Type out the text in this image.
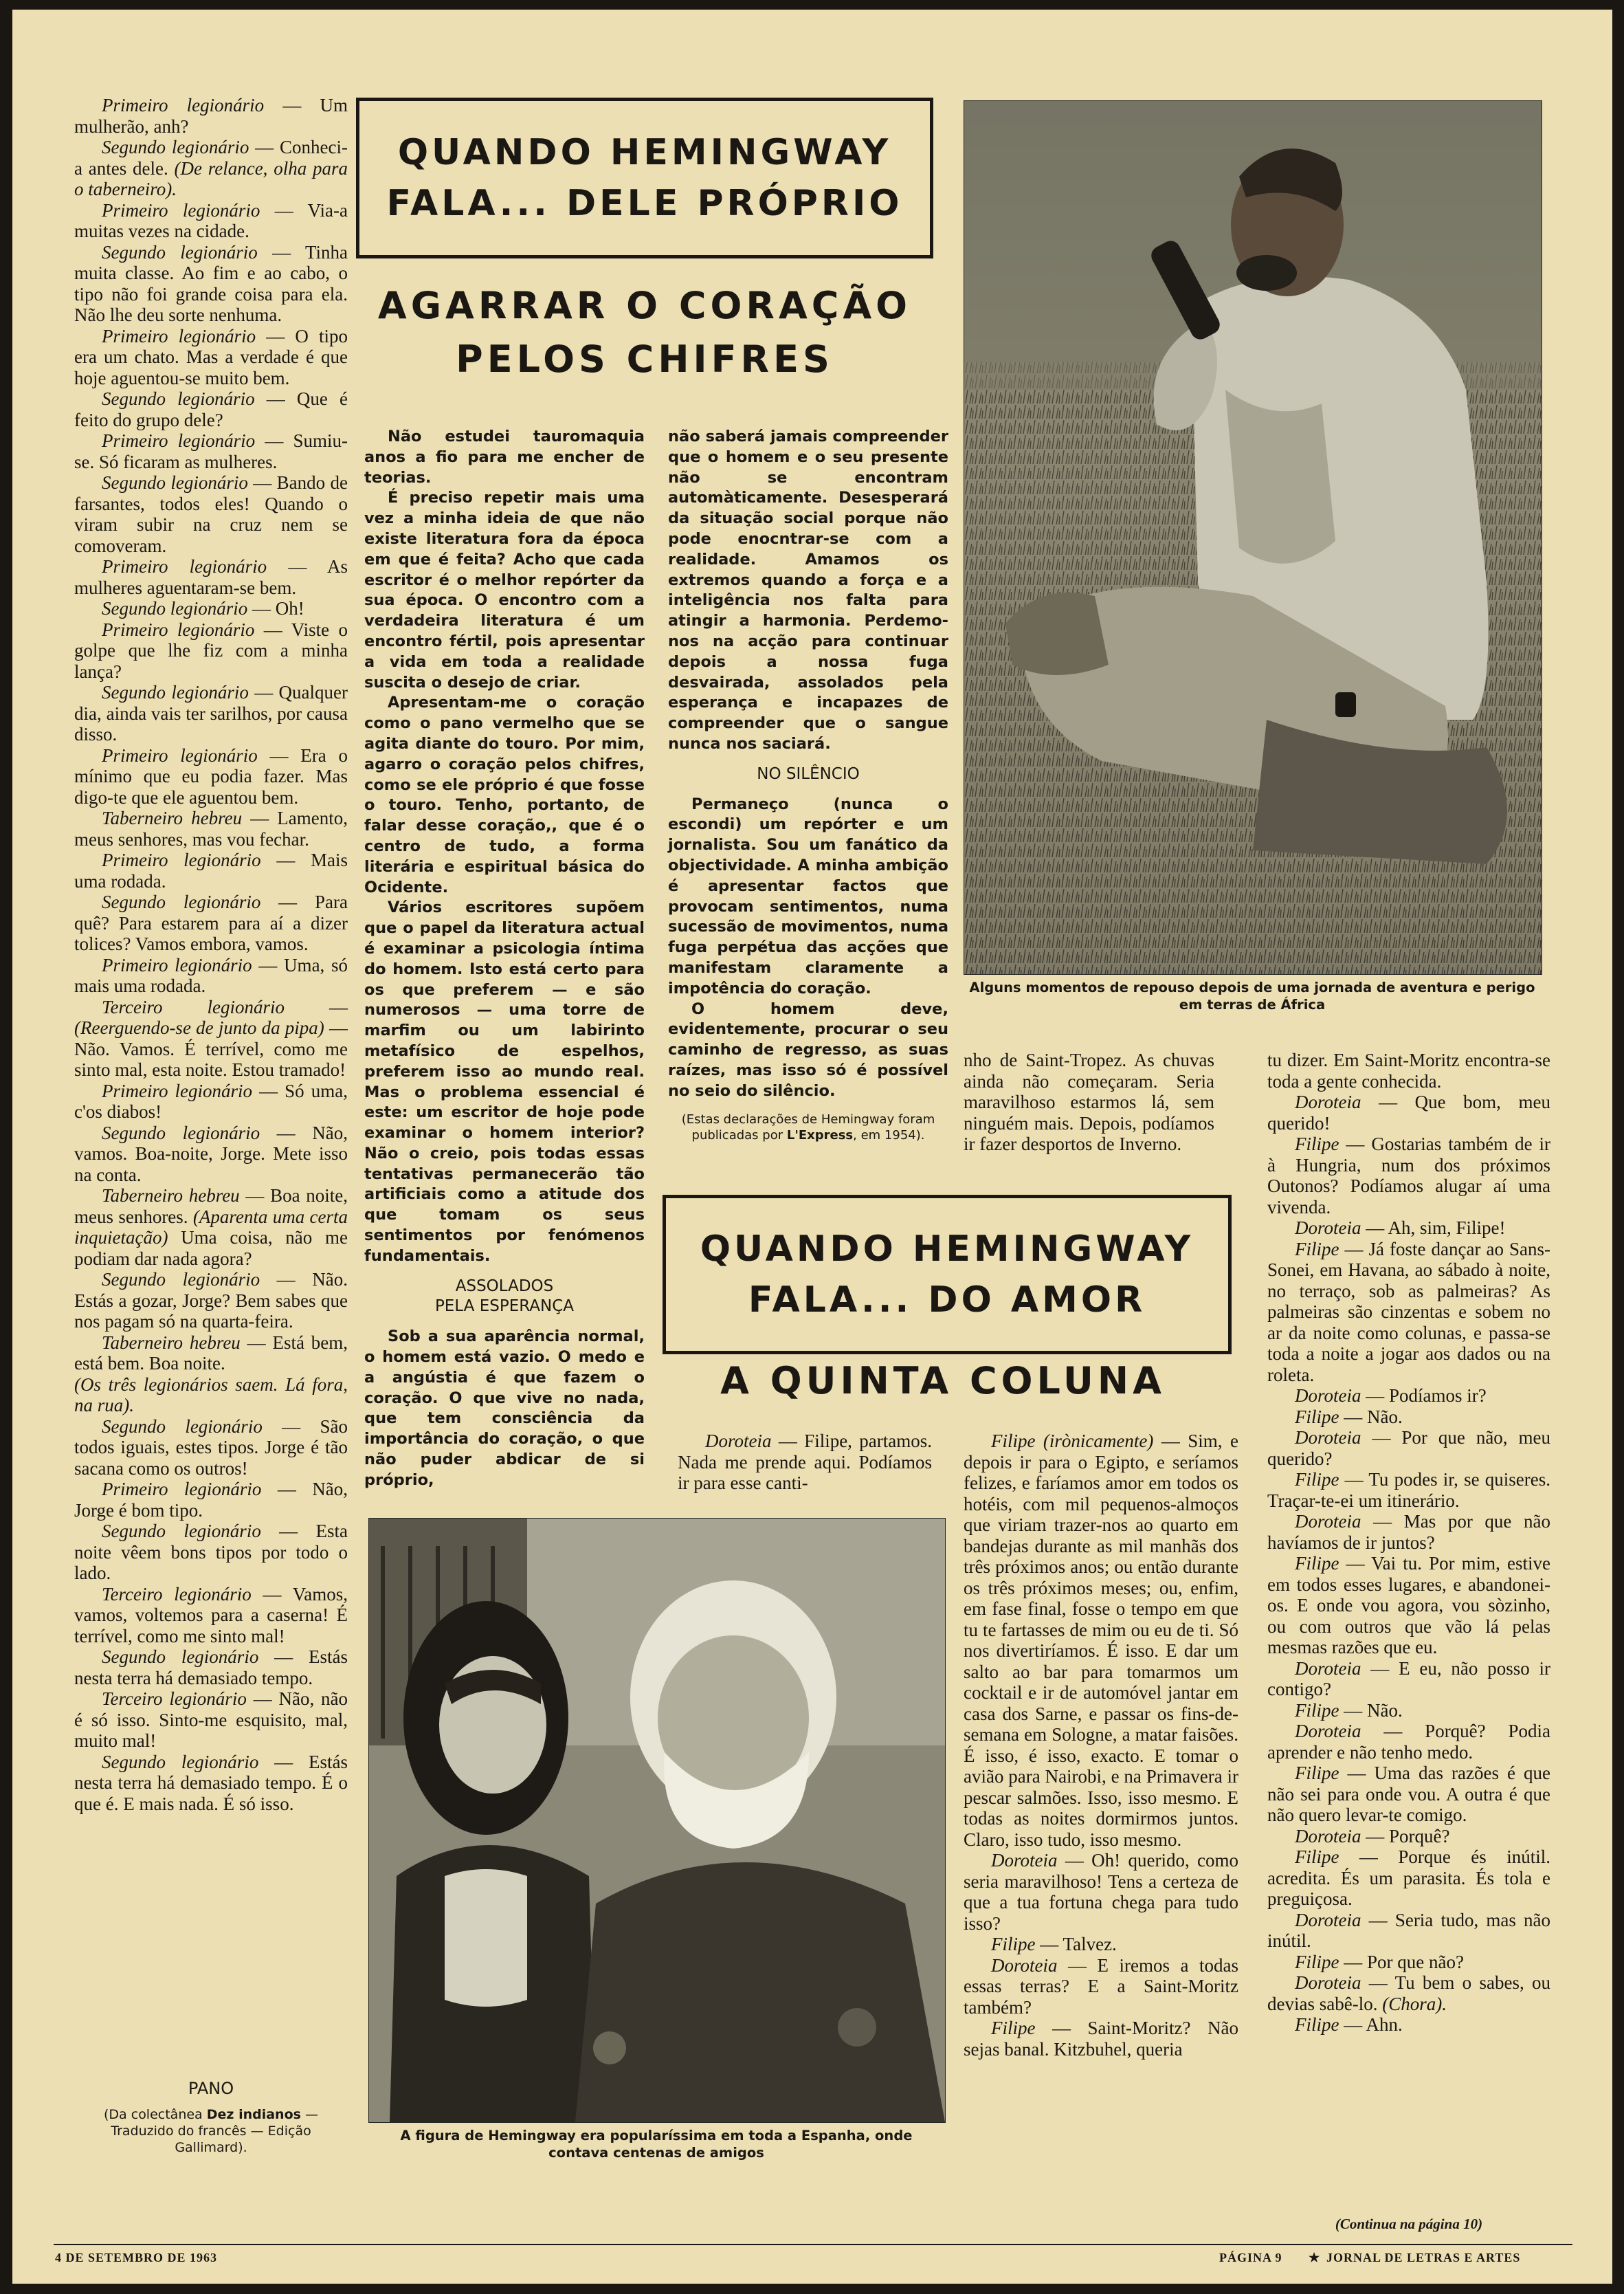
Primeiro legionário — Um mulherão, anh?

Segundo legionário — Conheci-a antes dele. (De relance, olha para o taberneiro).

Primeiro legionário — Via-a muitas vezes na cidade.

Segundo legionário — Tinha muita classe. Ao fim e ao cabo, o tipo não foi grande coisa para ela. Não lhe deu sorte nenhuma.

Primeiro legionário — O tipo era um chato. Mas a verdade é que hoje aguentou-se muito bem.

Segundo legionário — Que é feito do grupo dele?

Primeiro legionário — Sumiu-se. Só ficaram as mulheres.

Segundo legionário — Bando de farsantes, todos eles! Quando o viram subir na cruz nem se comoveram.

Primeiro legionário — As mulheres aguentaram-se bem.

Segundo legionário — Oh!

Primeiro legionário — Viste o golpe que lhe fiz com a minha lança?

Segundo legionário — Qualquer dia, ainda vais ter sarilhos, por causa disso.

Primeiro legionário — Era o mínimo que eu podia fazer. Mas digo-te que ele aguentou bem.

Taberneiro hebreu — Lamento, meus senhores, mas vou fechar.

Primeiro legionário — Mais uma rodada.

Segundo legionário — Para quê? Para estarem para aí a dizer tolices? Vamos embora, vamos.

Primeiro legionário — Uma, só mais uma rodada.

Terceiro legionário — (Reerguendo-se de junto da pipa) — Não. Vamos. É terrível, como me sinto mal, esta noite. Estou tramado!

Primeiro legionário — Só uma, c'os diabos!

Segundo legionário — Não, vamos. Boa-noite, Jorge. Mete isso na conta.

Taberneiro hebreu — Boa noite, meus senhores. (Aparenta uma certa inquietação) Uma coisa, não me podiam dar nada agora?

Segundo legionário — Não. Estás a gozar, Jorge? Bem sabes que nos pagam só na quarta-feira.

Taberneiro hebreu — Está bem, está bem. Boa noite.

(Os três legionários saem. Lá fora, na rua).

Segundo legionário — São todos iguais, estes tipos. Jorge é tão sacana como os outros!

Primeiro legionário — Não, Jorge é bom tipo.

Segundo legionário — Esta noite vêem bons tipos por todo o lado.

Terceiro legionário — Vamos, vamos, voltemos para a caserna! É terrível, como me sinto mal!

Segundo legionário — Estás nesta terra há demasiado tempo.

Terceiro legionário — Não, não é só isso. Sinto-me esquisito, mal, muito mal!

Segundo legionário — Estás nesta terra há demasiado tempo. É o que é. E mais nada. É só isso.

PANO
(Da colectânea Dez indianos — Traduzido do francês — Edição Gallimard).
QUANDO HEMINGWAY
FALA... DELE PRÓPRIO
AGARRAR O CORAÇÃO
PELOS CHIFRES

Não estudei tauromaquia anos a fio para me encher de teorias.

É preciso repetir mais uma vez a minha ideia de que não existe literatura fora da época em que é feita? Acho que cada escritor é o melhor repórter da sua época. O encontro com a verdadeira literatura é um encontro fértil, pois apresentar a vida em toda a realidade suscita o desejo de criar.

Apresentam-me o coração como o pano vermelho que se agita diante do touro. Por mim, agarro o coração pelos chifres, como se ele próprio é que fosse o touro. Tenho, portanto, de falar desse coração,, que é o centro de tudo, a forma literária e espiritual básica do Ocidente.

Vários escritores supõem que o papel da literatura actual é examinar a psicologia íntima do homem. Isto está certo para os que preferem — e são numerosos — uma torre de marfim ou um labirinto metafísico de espelhos, preferem isso ao mundo real. Mas o problema essencial é este: um escritor de hoje pode examinar o homem interior? Não o creio, pois todas essas tentativas permanecerão tão artificiais como a atitude dos que tomam os seus sentimentos por fenómenos fundamentais.

ASSOLADOS
PELA ESPERANÇA

Sob a sua aparência normal, o homem está vazio. O medo e a angústia é que fazem o coração. O que vive no nada, que tem consciência da importância do coração, o que não puder abdicar de si próprio,

não saberá jamais compreender que o homem e o seu presente não se encontram automàticamente. Desesperará da situação social porque não pode enocntrar-se com a realidade. Amamos os extremos quando a força e a inteligência nos falta para atingir a harmonia. Perdemo-nos na acção para continuar depois a nossa fuga desvairada, assolados pela esperança e incapazes de compreender que o sangue nunca nos saciará.

NO SILÊNCIO

Permaneço (nunca o escondi) um repórter e um jornalista. Sou um fanático da objectividade. A minha ambição é apresentar factos que provocam sentimentos, numa sucessão de movimentos, numa fuga perpétua das acções que manifestam claramente a impotência do coração.

O homem deve, evidentemente, procurar o seu caminho de regresso, as suas raízes, mas isso só é possível no seio do silêncio.

(Estas declarações de Hemingway foram publicadas por L'Express, em 1954).
Alguns momentos de repouso depois de uma jornada de aventura e perigo em terras de África

nho de Saint-Tropez. As chuvas ainda não começaram. Seria maravilhoso estarmos lá, sem ninguém mais. Depois, podíamos ir fazer desportos de Inverno.

QUANDO HEMINGWAY
FALA... DO AMOR
A QUINTA COLUNA

Doroteia — Filipe, partamos. Nada me prende aqui. Podíamos ir para esse canti-

A figura de Hemingway era popularíssima em toda a Espanha, onde contava centenas de amigos

Filipe (irònicamente) — Sim, e depois ir para o Egipto, e seríamos felizes, e faríamos amor em todos os hotéis, com mil pequenos-almoços que viriam trazer-nos ao quarto em bandejas durante as mil manhãs dos três próximos anos; ou então durante os três próximos meses; ou, enfim, em fase final, fosse o tempo em que tu te fartasses de mim ou eu de ti. Só nos divertiríamos. É isso. E dar um salto ao bar para tomarmos um cocktail e ir de automóvel jantar em casa dos Sarne, e passar os fins-de-semana em Sologne, a matar faisões. É isso, é isso, exacto. E tomar o avião para Nairobi, e na Primavera ir pescar salmões. Isso, isso mesmo. E todas as noites dormirmos juntos. Claro, isso tudo, isso mesmo.

Doroteia — Oh! querido, como seria maravilhoso! Tens a certeza de que a tua fortuna chega para tudo isso?

Filipe — Talvez.

Doroteia — E iremos a todas essas terras? E a Saint-Moritz também?

Filipe — Saint-Moritz? Não sejas banal. Kitzbuhel, queria

tu dizer. Em Saint-Moritz encontra-se toda a gente conhecida.

Doroteia — Que bom, meu querido!

Filipe — Gostarias também de ir à Hungria, num dos próximos Outonos? Podíamos alugar aí uma vivenda.

Doroteia — Ah, sim, Filipe!

Filipe — Já foste dançar ao Sans-Sonei, em Havana, ao sábado à noite, no terraço, sob as palmeiras? As palmeiras são cinzentas e sobem no ar da noite como colunas, e passa-se toda a noite a jogar aos dados ou na roleta.

Doroteia — Podíamos ir?

Filipe — Não.

Doroteia — Por que não, meu querido?

Filipe — Tu podes ir, se quiseres. Traçar-te-ei um itinerário.

Doroteia — Mas por que não havíamos de ir juntos?

Filipe — Vai tu. Por mim, estive em todos esses lugares, e abandonei-os. E onde vou agora, vou sòzinho, ou com outros que vão lá pelas mesmas razões que eu.

Doroteia — E eu, não posso ir contigo?

Filipe — Não.

Doroteia — Porquê? Podia aprender e não tenho medo.

Filipe — Uma das razões é que não sei para onde vou. A outra é que não quero levar-te comigo.

Doroteia — Porquê?

Filipe — Porque és inútil. acredita. És um parasita. És tola e preguiçosa.

Doroteia — Seria tudo, mas não inútil.

Filipe — Por que não?

Doroteia — Tu bem o sabes, ou devias sabê-lo. (Chora).

Filipe — Ahn.

(Continua na página 10)
4 DE SETEMBRO DE 1963	PÁGINA 9 ★ JORNAL DE LETRAS E ARTES
